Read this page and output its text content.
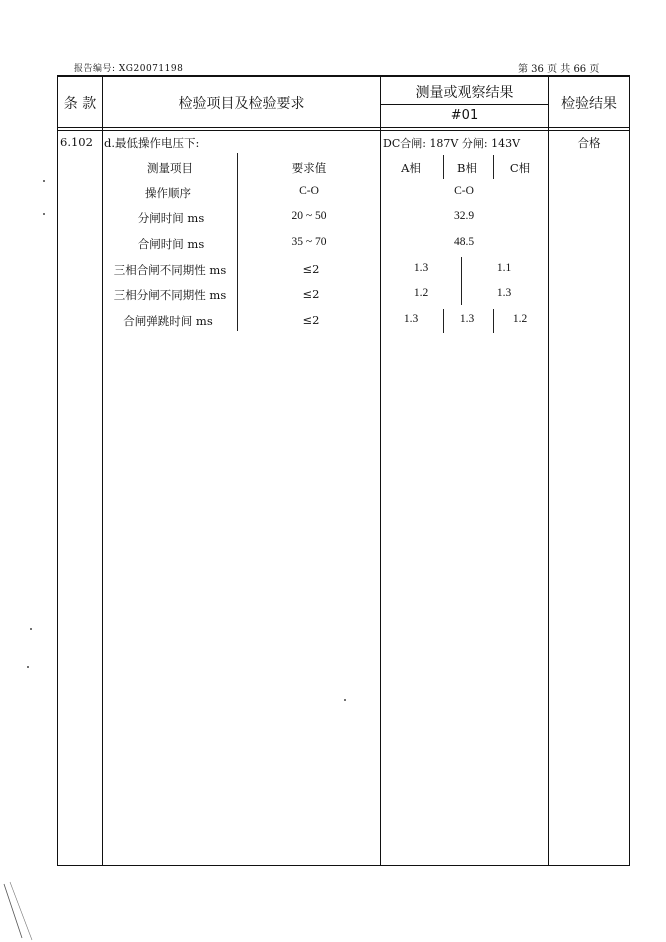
报告编号: XG20071198	第 36 页 共 66 页
条 款	检验项目及检验要求
测量或观察结果
#01
检验结果
6.102 d.最低操作电压下:	DC合闸: 187V 分闸: 143V	合格
测量项目	要求值	A相	B相	C相
操作顺序	C-O	C-O
分闸时间 ms	20 ~ 50	32.9
合闸时间 ms	35 ~ 70	48.5
三相合闸不同期性 ms	≤2	1.3	1.1
三相分闸不同期性 ms	≤2	1.2	1.3
合闸弹跳时间 ms	≤2	1.3	1.3	1.2
